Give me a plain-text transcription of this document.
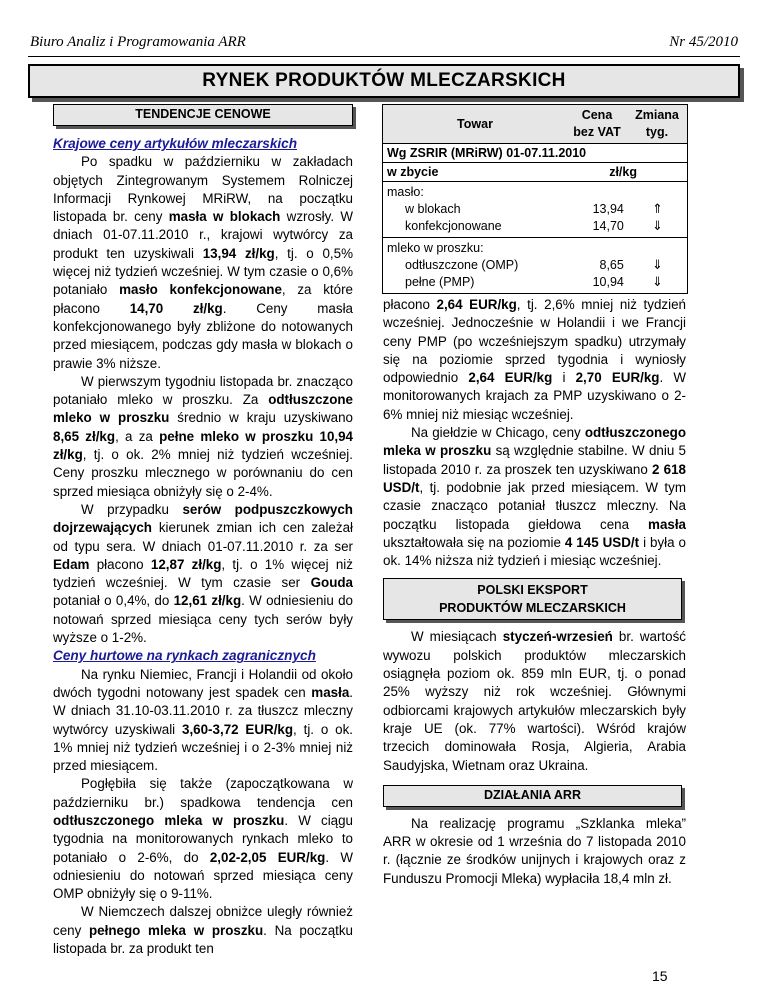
Biuro Analiz i Programowania ARR	Nr 45/2010
RYNEK PRODUKTÓW MLECZARSKICH
TENDENCJE CENOWE
Krajowe ceny artykułów mleczarskich

Po spadku w październiku w zakładach objętych Zintegrowanym Systemem Rolniczej Informacji Rynkowej MRiRW, na początku listopada br. ceny masła w blokach wzrosły. W dniach 01-07.11.2010 r., krajowi wytwórcy za produkt ten uzyskiwali 13,94 zł/kg, tj. o 0,5% więcej niż tydzień wcześniej. W tym czasie o 0,6% potaniało masło konfekcjonowane, za które płacono 14,70 zł/kg. Ceny masła konfekcjonowanego były zbliżone do notowanych przed miesiącem, podczas gdy masła w blokach o prawie 3% niższe.

W pierwszym tygodniu listopada br. znacząco potaniało mleko w proszku. Za odtłuszczone mleko w proszku średnio w kraju uzyskiwano 8,65 zł/kg, a za pełne mleko w proszku 10,94 zł/kg, tj. o ok. 2% mniej niż tydzień wcześniej. Ceny proszku mlecznego w porównaniu do cen sprzed miesiąca obniżyły się o 2-4%.

W przypadku serów podpuszczkowych dojrzewających kierunek zmian ich cen zależał od typu sera. W dniach 01-07.11.2010 r. za ser Edam płacono 12,87 zł/kg, tj. o 1% więcej niż tydzień wcześniej. W tym czasie ser Gouda potaniał o 0,4%, do 12,61 zł/kg. W odniesieniu do notowań sprzed miesiąca ceny tych serów były wyższe o 1-2%.

Ceny hurtowe na rynkach zagranicznych

Na rynku Niemiec, Francji i Holandii od około dwóch tygodni notowany jest spadek cen masła. W dniach 31.10-03.11.2010 r. za tłuszcz mleczny wytwórcy uzyskiwali 3,60-3,72 EUR/kg, tj. o ok. 1% mniej niż tydzień wcześniej i o 2-3% mniej niż przed miesiącem.

Pogłębiła się także (zapoczątkowana w październiku br.) spadkowa tendencja cen odtłuszczonego mleka w proszku. W ciągu tygodnia na monitorowanych rynkach mleko to potaniało o 2-6%, do 2,02-2,05 EUR/kg. W odniesieniu do notowań sprzed miesiąca ceny OMP obniżyły się o 9-11%.

W Niemczech dalszej obniżce uległy również ceny pełnego mleka w proszku. Na początku listopada br. za produkt ten

Towar
Cena
bez VAT
Zmiana
tyg.
Wg ZSRIR (MRiRW) 01-07.11.2010
w zbycie	zł/kg
masło:
w blokach	13,94	⇑
konfekcjonowane	14,70	⇓
mleko w proszku:
odtłuszczone (OMP)	8,65	⇓
pełne (PMP)	10,94	⇓

płacono 2,64 EUR/kg, tj. 2,6% mniej niż tydzień wcześniej. Jednocześnie w Holandii i we Francji ceny PMP (po wcześniejszym spadku) utrzymały się na poziomie sprzed tygodnia i wyniosły odpowiednio 2,64 EUR/kg i 2,70 EUR/kg. W monitorowanych krajach za PMP uzyskiwano o 2-6% mniej niż miesiąc wcześniej.

Na giełdzie w Chicago, ceny odtłuszczonego mleka w proszku są względnie stabilne. W dniu 5 listopada 2010 r. za proszek ten uzyskiwano 2 618 USD/t, tj. podobnie jak przed miesiącem. W tym czasie znacząco potaniał tłuszcz mleczny. Na początku listopada giełdowa cena masła ukształtowała się na poziomie 4 145 USD/t i była o ok. 14% niższa niż tydzień i miesiąc wcześniej.

POLSKI EKSPORT
PRODUKTÓW MLECZARSKICH

W miesiącach styczeń-wrzesień br. wartość wywozu polskich produktów mleczarskich osiągnęła poziom ok. 859 mln EUR, tj. o ponad 25% wyższy niż rok wcześniej. Głównymi odbiorcami krajowych artykułów mleczarskich były kraje UE (ok. 77% wartości). Wśród krajów trzecich dominowała Rosja, Algieria, Arabia Saudyjska, Wietnam oraz Ukraina.

DZIAŁANIA ARR

Na realizację programu „Szklanka mleka” ARR w okresie od 1 września do 7 listopada 2010 r. (łącznie ze środków unijnych i krajowych oraz z Funduszu Promocji Mleka) wypłaciła 18,4 mln zł.

15
